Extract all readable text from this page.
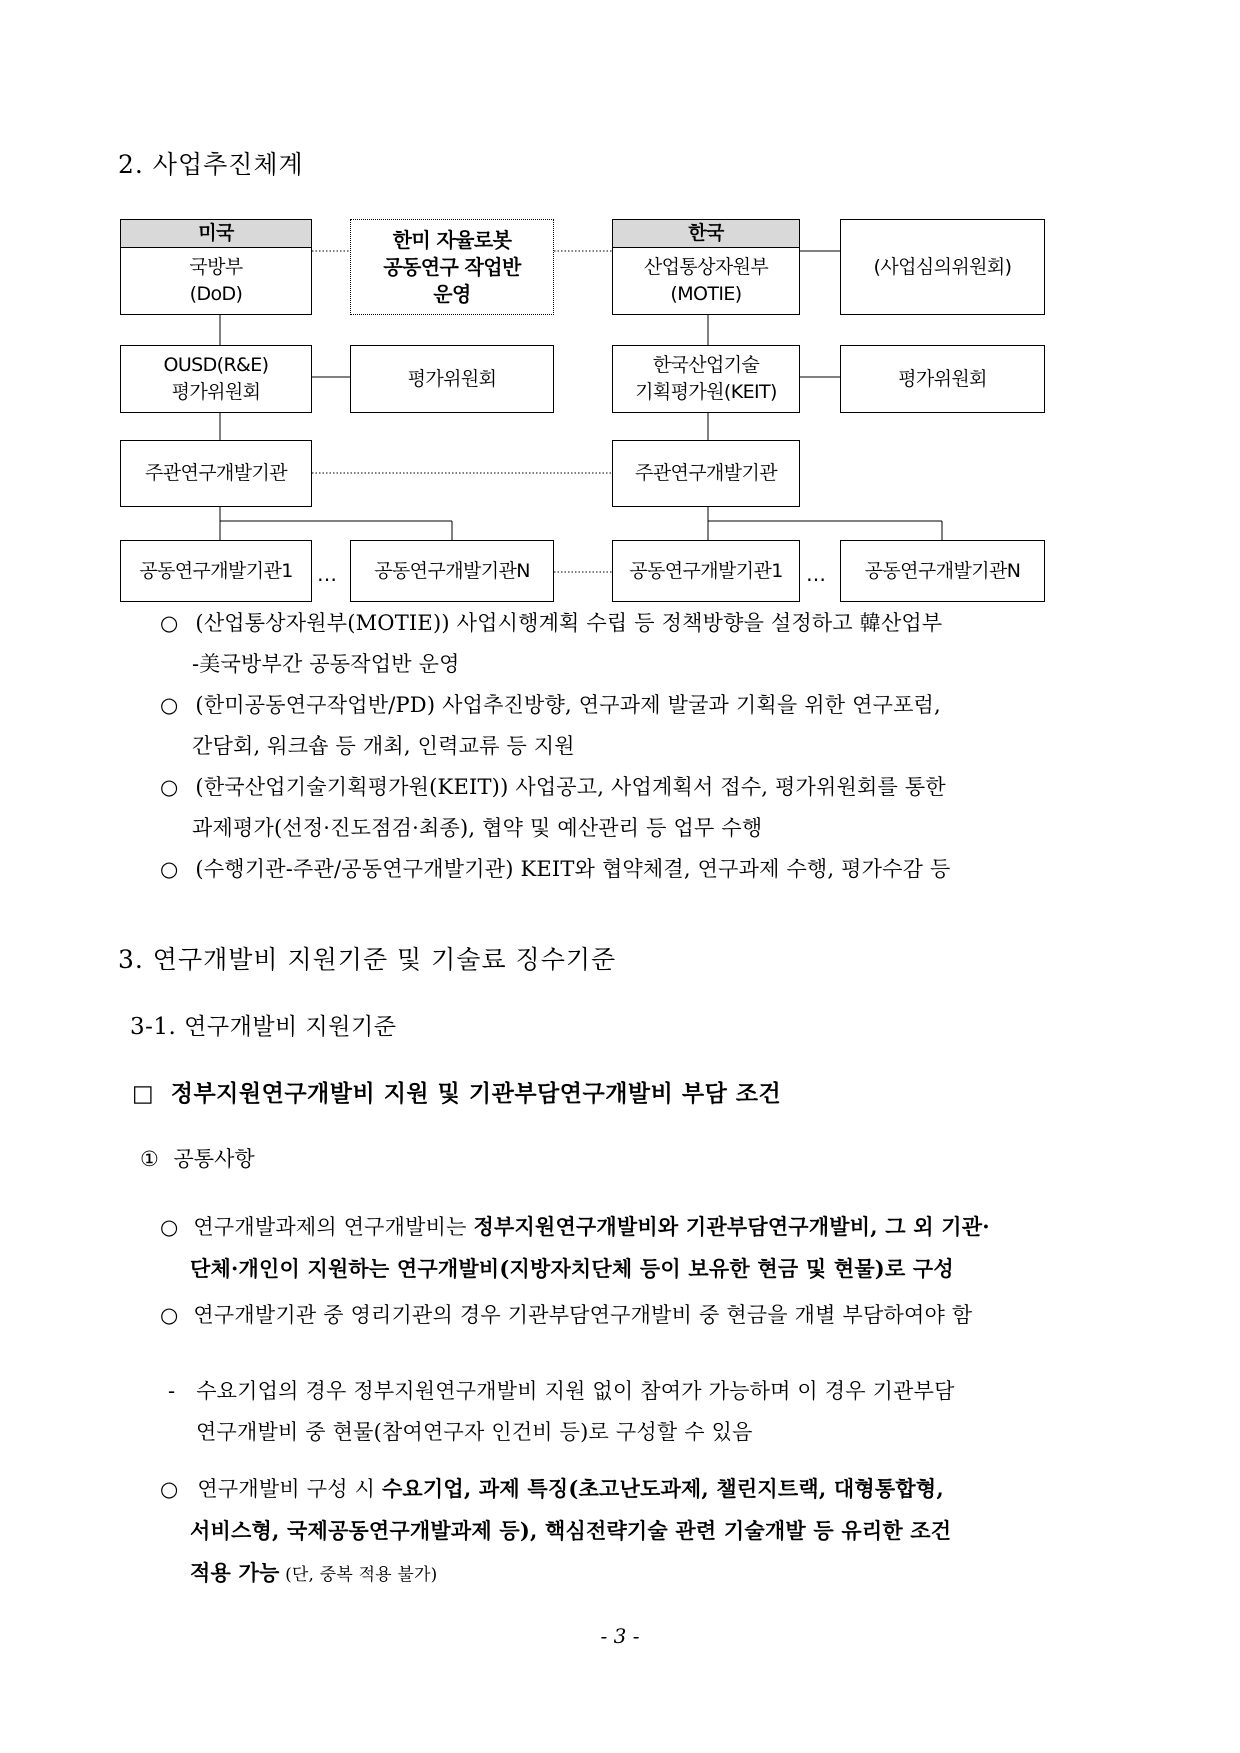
2. 사업추진체계
미국
국방부
(DoD)
한미 자율로봇
공동연구 작업반
운영
한국
산업통상자원부
(MOTIE)
(사업심의위원회)
OUSD(R&E)
평가위원회
평가위원회
한국산업기술
기획평가원(KEIT)
평가위원회
주관연구개발기관	주관연구개발기관
공동연구개발기관1 … 공동연구개발기관N	공동연구개발기관1 … 공동연구개발기관N
○ (산업통상자원부(MOTIE)) 사업시행계획 수립 등 정책방향을 설정하고 韓산업부
-美국방부간 공동작업반 운영
○ (한미공동연구작업반/PD) 사업추진방향, 연구과제 발굴과 기획을 위한 연구포럼,
간담회, 워크숍 등 개최, 인력교류 등 지원
○ (한국산업기술기획평가원(KEIT)) 사업공고, 사업계획서 접수, 평가위원회를 통한
과제평가(선정·진도점검·최종), 협약 및 예산관리 등 업무 수행
○ (수행기관-주관/공동연구개발기관) KEIT와 협약체결, 연구과제 수행, 평가수감 등
3. 연구개발비 지원기준 및 기술료 징수기준
3-1. 연구개발비 지원기준
□ 정부지원연구개발비 지원 및 기관부담연구개발비 부담 조건
① 공통사항
○ 연구개발과제의 연구개발비는 정부지원연구개발비와 기관부담연구개발비, 그 외 기관·
단체·개인이 지원하는 연구개발비(지방자치단체 등이 보유한 현금 및 현물)로 구성
○ 연구개발기관 중 영리기관의 경우 기관부담연구개발비 중 현금을 개별 부담하여야 함
- 수요기업의 경우 정부지원연구개발비 지원 없이 참여가 가능하며 이 경우 기관부담
연구개발비 중 현물(참여연구자 인건비 등)로 구성할 수 있음
○ 연구개발비 구성 시 수요기업, 과제 특징(초고난도과제, 챌린지트랙, 대형통합형,
서비스형, 국제공동연구개발과제 등), 핵심전략기술 관련 기술개발 등 유리한 조건
적용 가능 (단, 중복 적용 불가)
- 3 -
